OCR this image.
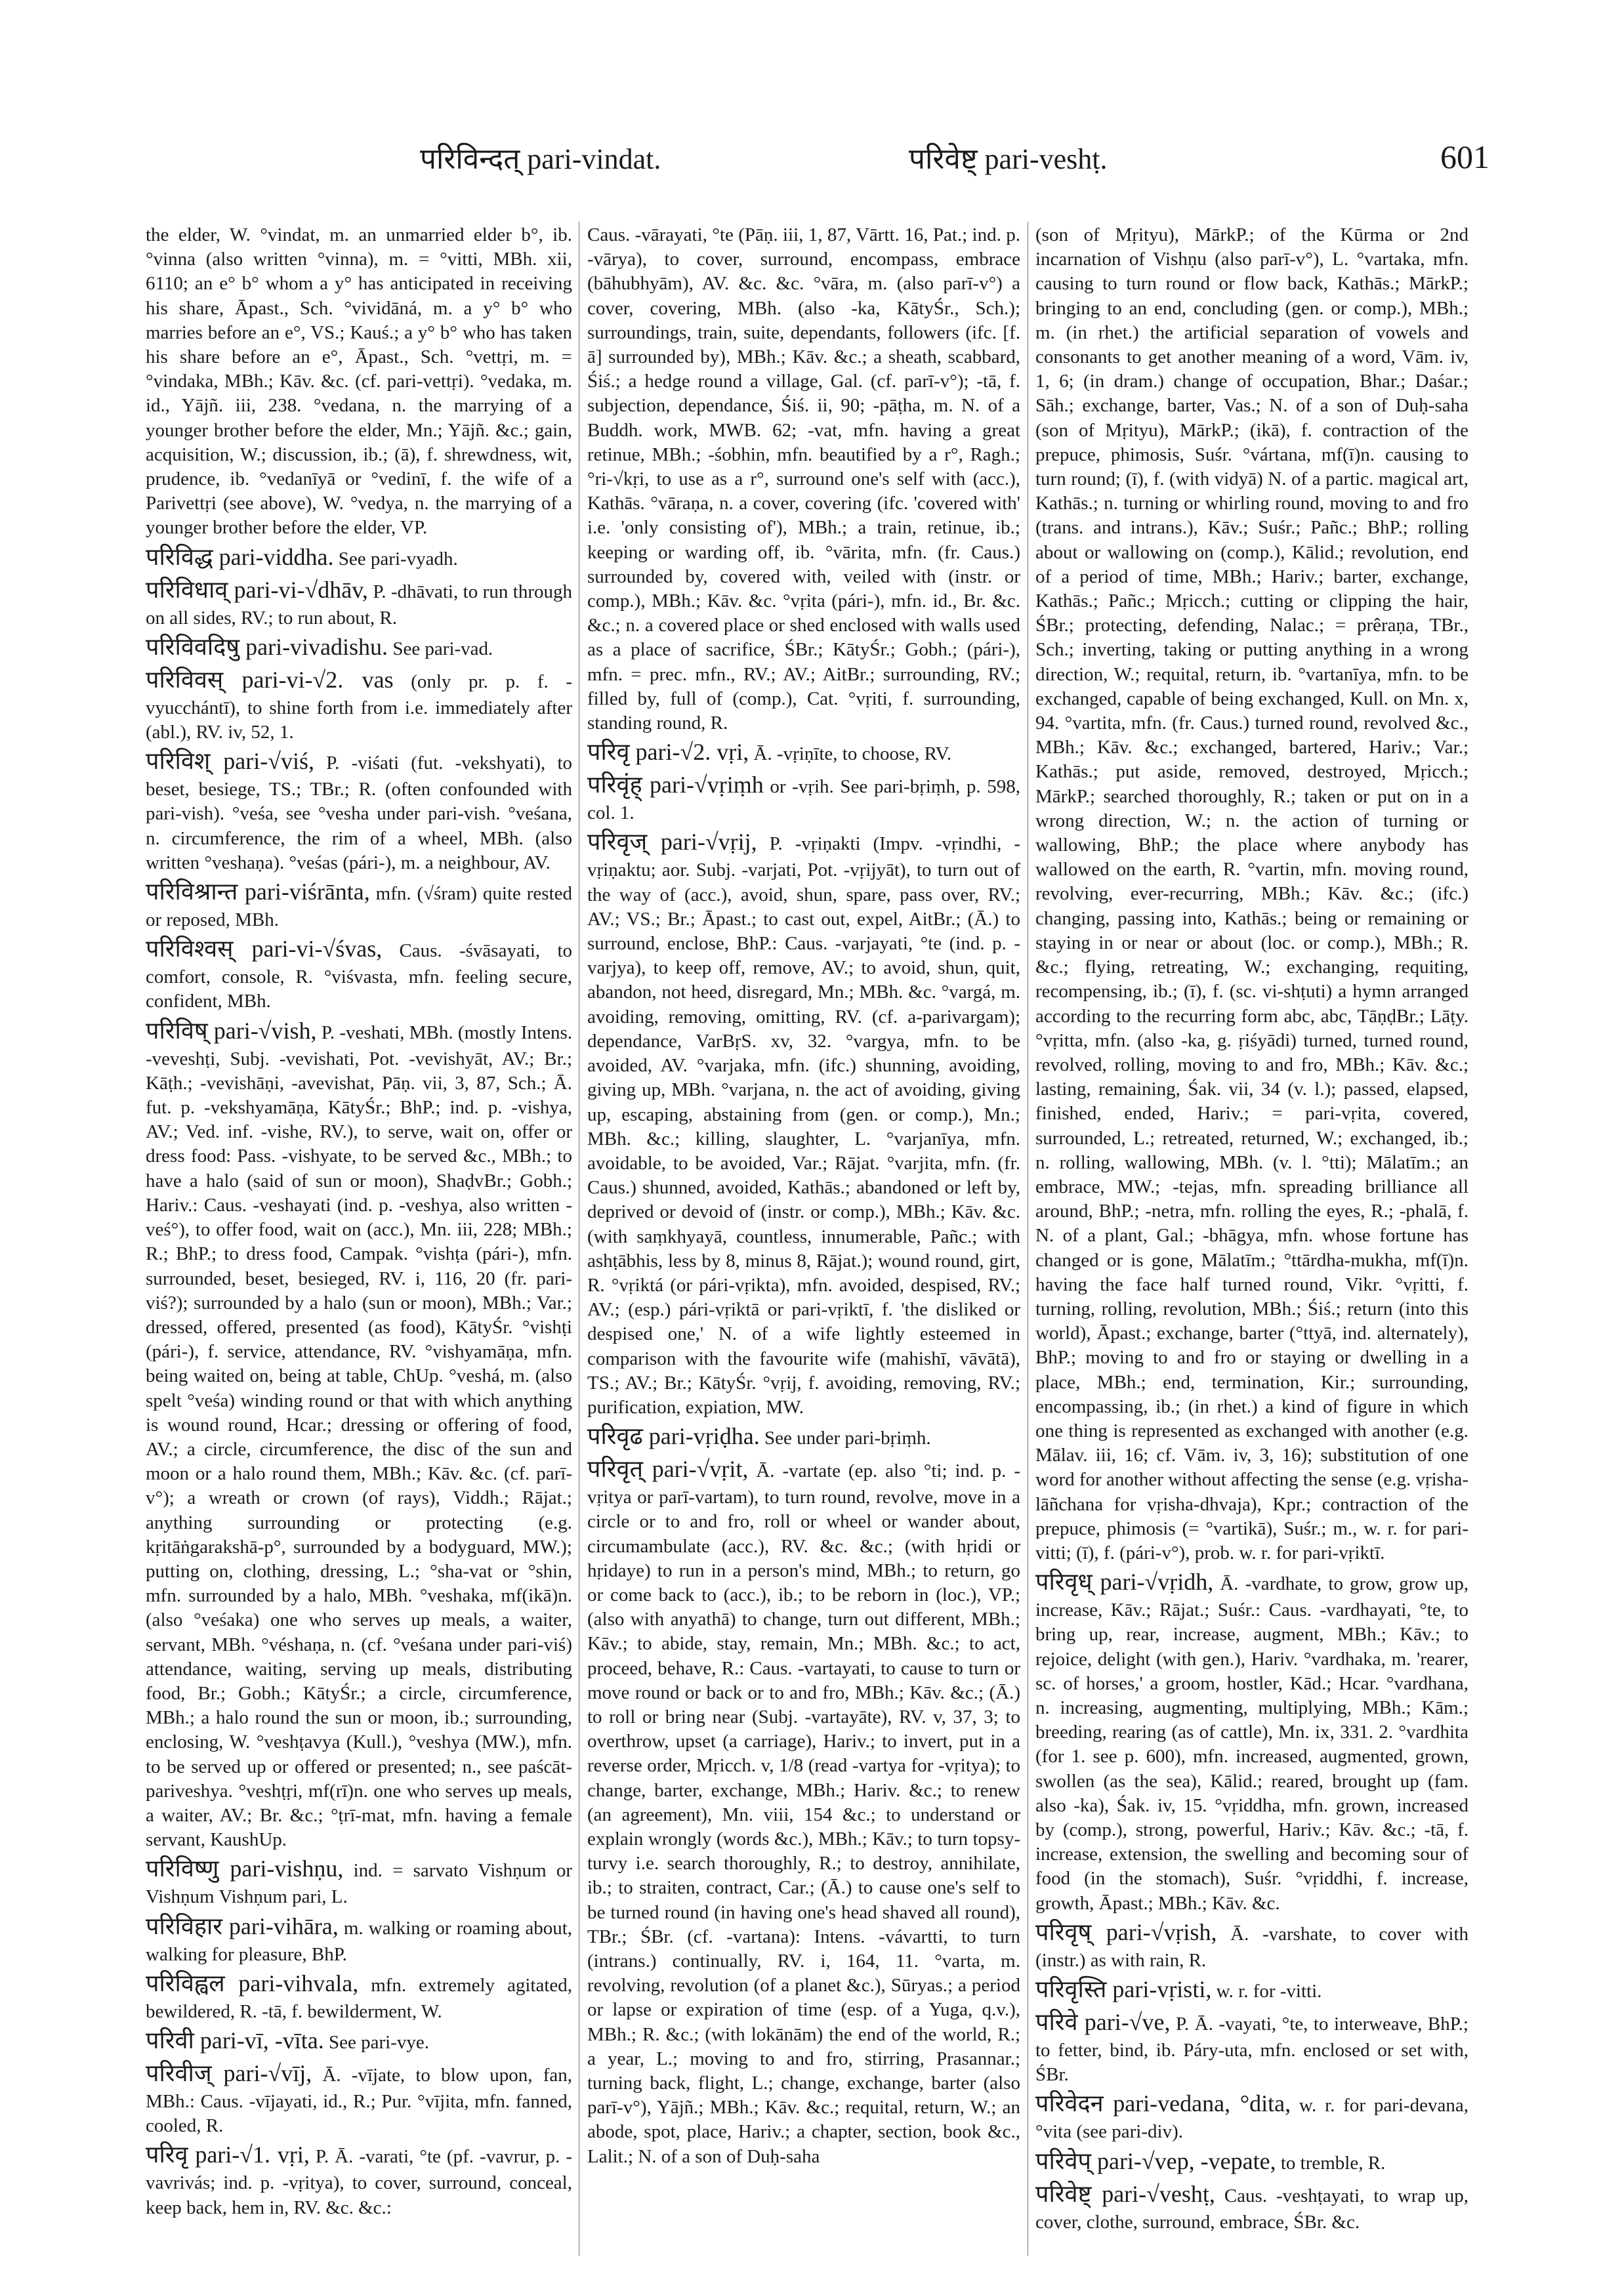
परिविन्दत् pari-vindat.	परिवेष्ट् pari-veshṭ.	601
the elder, W. °vindat, m. an unmarried elder b°, ib. °vinna (also written °vinna), m. = °vitti, MBh. xii, 6110; an e° b° whom a y° has anticipated in receiving his share, Āpast., Sch. °vividāná, m. a y° b° who marries before an e°, VS.; Kauś.; a y° b° who has taken his share before an e°, Āpast., Sch. °vettṛi, m. = °vindaka, MBh.; Kāv. &c. (cf. pari-vettṛi). °vedaka, m. id., Yājñ. iii, 238. °vedana, n. the marrying of a younger brother before the elder, Mn.; Yājñ. &c.; gain, acquisition, W.; discussion, ib.; (ā), f. shrewdness, wit, prudence, ib. °vedanīyā or °vedinī, f. the wife of a Parivettṛi (see above), W. °vedya, n. the marrying of a younger brother before the elder, VP.
परिविद्ध pari-viddha. See pari-vyadh.
परिविधाव् pari-vi-√dhāv, P. -dhāvati, to run through on all sides, RV.; to run about, R.
परिविवदिषु pari-vivadishu. See pari-vad.
परिविवस् pari-vi-√2. vas (only pr. p. f. -vyucchántī), to shine forth from i.e. immediately after (abl.), RV. iv, 52, 1.
परिविश् pari-√viś, P. -viśati (fut. -vekshyati), to beset, besiege, TS.; TBr.; R. (often confounded with pari-vish). °veśa, see °vesha under pari-vish. °veśana, n. circumference, the rim of a wheel, MBh. (also written °veshaṇa). °veśas (pári-), m. a neighbour, AV.
परिविश्रान्त pari-viśrānta, mfn. (√śram) quite rested or reposed, MBh.
परिविश्वस् pari-vi-√śvas, Caus. -śvāsayati, to comfort, console, R. °viśvasta, mfn. feeling secure, confident, MBh.
परिविष् pari-√vish, P. -veshati, MBh. (mostly Intens. -veveshṭi, Subj. -vevishati, Pot. -vevishyāt, AV.; Br.; Kāṭh.; -vevishāṇi, -avevishat, Pāṇ. vii, 3, 87, Sch.; Ā. fut. p. -vekshyamāṇa, KātyŚr.; BhP.; ind. p. -vishya, AV.; Ved. inf. -vishe, RV.), to serve, wait on, offer or dress food: Pass. -vishyate, to be served &c., MBh.; to have a halo (said of sun or moon), ShaḍvBr.; Gobh.; Hariv.: Caus. -veshayati (ind. p. -veshya, also written -veś°), to offer food, wait on (acc.), Mn. iii, 228; MBh.; R.; BhP.; to dress food, Campak. °vishṭa (pári-), mfn. surrounded, beset, besieged, RV. i, 116, 20 (fr. pari-viś?); surrounded by a halo (sun or moon), MBh.; Var.; dressed, offered, presented (as food), KātyŚr. °vishṭi (pári-), f. service, attendance, RV. °vishyamāṇa, mfn. being waited on, being at table, ChUp. °veshá, m. (also spelt °veśa) winding round or that with which anything is wound round, Hcar.; dressing or offering of food, AV.; a circle, circumference, the disc of the sun and moon or a halo round them, MBh.; Kāv. &c. (cf. parī-v°); a wreath or crown (of rays), Viddh.; Rājat.; anything surrounding or protecting (e.g. kṛitāṅgarakshā-p°, surrounded by a bodyguard, MW.); putting on, clothing, dressing, L.; °sha-vat or °shin, mfn. surrounded by a halo, MBh. °veshaka, mf(ikā)n. (also °veśaka) one who serves up meals, a waiter, servant, MBh. °véshaṇa, n. (cf. °veśana under pari-viś) attendance, waiting, serving up meals, distributing food, Br.; Gobh.; KātyŚr.; a circle, circumference, MBh.; a halo round the sun or moon, ib.; surrounding, enclosing, W. °veshṭavya (Kull.), °veshya (MW.), mfn. to be served up or offered or presented; n., see paścāt-pariveshya. °veshṭṛi, mf(rī)n. one who serves up meals, a waiter, AV.; Br. &c.; °ṭrī-mat, mfn. having a female servant, KaushUp.
परिविष्णु pari-vishṇu, ind. = sarvato Vishṇum or Vishṇum Vishṇum pari, L.
परिविहार pari-vihāra, m. walking or roaming about, walking for pleasure, BhP.
परिविह्वल pari-vihvala, mfn. extremely agitated, bewildered, R. -tā, f. bewilderment, W.
परिवी pari-vī, -vīta. See pari-vye.
परिवीज् pari-√vīj, Ā. -vījate, to blow upon, fan, MBh.: Caus. -vījayati, id., R.; Pur. °vījita, mfn. fanned, cooled, R.
परिवृ pari-√1. vṛi, P. Ā. -varati, °te (pf. -vavrur, p. -vavrivás; ind. p. -vṛitya), to cover, surround, conceal, keep back, hem in, RV. &c. &c.:
Caus. -vārayati, °te (Pāṇ. iii, 1, 87, Vārtt. 16, Pat.; ind. p. -vārya), to cover, surround, encompass, embrace (bāhubhyām), AV. &c. &c. °vāra, m. (also parī-v°) a cover, covering, MBh. (also -ka, KātyŚr., Sch.); surroundings, train, suite, dependants, followers (ifc. [f. ā] surrounded by), MBh.; Kāv. &c.; a sheath, scabbard, Śiś.; a hedge round a village, Gal. (cf. parī-v°); -tā, f. subjection, dependance, Śiś. ii, 90; -pāṭha, m. N. of a Buddh. work, MWB. 62; -vat, mfn. having a great retinue, MBh.; -śobhin, mfn. beautified by a r°, Ragh.; °ri-√kṛi, to use as a r°, surround one's self with (acc.), Kathās. °vāraṇa, n. a cover, covering (ifc. 'covered with' i.e. 'only consisting of'), MBh.; a train, retinue, ib.; keeping or warding off, ib. °vārita, mfn. (fr. Caus.) surrounded by, covered with, veiled with (instr. or comp.), MBh.; Kāv. &c. °vṛita (pári-), mfn. id., Br. &c. &c.; n. a covered place or shed enclosed with walls used as a place of sacrifice, ŚBr.; KātyŚr.; Gobh.; (pári-), mfn. = prec. mfn., RV.; AV.; AitBr.; surrounding, RV.; filled by, full of (comp.), Cat. °vṛiti, f. surrounding, standing round, R.
परिवृ pari-√2. vṛi, Ā. -vṛiṇīte, to choose, RV.
परिवृंह् pari-√vṛiṃh or -vṛih. See pari-bṛiṃh, p. 598, col. 1.
परिवृज् pari-√vṛij, P. -vṛiṇakti (Impv. -vṛindhi, -vṛiṇaktu; aor. Subj. -varjati, Pot. -vṛijyāt), to turn out of the way of (acc.), avoid, shun, spare, pass over, RV.; AV.; VS.; Br.; Āpast.; to cast out, expel, AitBr.; (Ā.) to surround, enclose, BhP.: Caus. -varjayati, °te (ind. p. -varjya), to keep off, remove, AV.; to avoid, shun, quit, abandon, not heed, disregard, Mn.; MBh. &c. °vargá, m. avoiding, removing, omitting, RV. (cf. a-parivargam); dependance, VarBṛS. xv, 32. °vargya, mfn. to be avoided, AV. °varjaka, mfn. (ifc.) shunning, avoiding, giving up, MBh. °varjana, n. the act of avoiding, giving up, escaping, abstaining from (gen. or comp.), Mn.; MBh. &c.; killing, slaughter, L. °varjanīya, mfn. avoidable, to be avoided, Var.; Rājat. °varjita, mfn. (fr. Caus.) shunned, avoided, Kathās.; abandoned or left by, deprived or devoid of (instr. or comp.), MBh.; Kāv. &c. (with saṃkhyayā, countless, innumerable, Pañc.; with ashṭābhis, less by 8, minus 8, Rājat.); wound round, girt, R. °vṛiktá (or pári-vṛikta), mfn. avoided, despised, RV.; AV.; (esp.) pári-vṛiktā or pari-vṛiktī, f. 'the disliked or despised one,' N. of a wife lightly esteemed in comparison with the favourite wife (mahishī, vāvātā), TS.; AV.; Br.; KātyŚr. °vṛij, f. avoiding, removing, RV.; purification, expiation, MW.
परिवृढ pari-vṛiḍha. See under pari-bṛiṃh.
परिवृत् pari-√vṛit, Ā. -vartate (ep. also °ti; ind. p. -vṛitya or parī-vartam), to turn round, revolve, move in a circle or to and fro, roll or wheel or wander about, circumambulate (acc.), RV. &c. &c.; (with hṛidi or hṛidaye) to run in a person's mind, MBh.; to return, go or come back to (acc.), ib.; to be reborn in (loc.), VP.; (also with anyathā) to change, turn out different, MBh.; Kāv.; to abide, stay, remain, Mn.; MBh. &c.; to act, proceed, behave, R.: Caus. -vartayati, to cause to turn or move round or back or to and fro, MBh.; Kāv. &c.; (Ā.) to roll or bring near (Subj. -vartayāte), RV. v, 37, 3; to overthrow, upset (a carriage), Hariv.; to invert, put in a reverse order, Mṛicch. v, 1/8 (read -vartya for -vṛitya); to change, barter, exchange, MBh.; Hariv. &c.; to renew (an agreement), Mn. viii, 154 &c.; to understand or explain wrongly (words &c.), MBh.; Kāv.; to turn topsy-turvy i.e. search thoroughly, R.; to destroy, annihilate, ib.; to straiten, contract, Car.; (Ā.) to cause one's self to be turned round (in having one's head shaved all round), TBr.; ŚBr. (cf. -vartana): Intens. -vávartti, to turn (intrans.) continually, RV. i, 164, 11. °varta, m. revolving, revolution (of a planet &c.), Sūryas.; a period or lapse or expiration of time (esp. of a Yuga, q.v.), MBh.; R. &c.; (with lokānām) the end of the world, R.; a year, L.; moving to and fro, stirring, Prasannar.; turning back, flight, L.; change, exchange, barter (also parī-v°), Yājñ.; MBh.; Kāv. &c.; requital, return, W.; an abode, spot, place, Hariv.; a chapter, section, book &c., Lalit.; N. of a son of Duḥ-saha
(son of Mṛityu), MārkP.; of the Kūrma or 2nd incarnation of Vishṇu (also parī-v°), L. °vartaka, mfn. causing to turn round or flow back, Kathās.; MārkP.; bringing to an end, concluding (gen. or comp.), MBh.; m. (in rhet.) the artificial separation of vowels and consonants to get another meaning of a word, Vām. iv, 1, 6; (in dram.) change of occupation, Bhar.; Daśar.; Sāh.; exchange, barter, Vas.; N. of a son of Duḥ-saha (son of Mṛityu), MārkP.; (ikā), f. contraction of the prepuce, phimosis, Suśr. °vártana, mf(ī)n. causing to turn round; (ī), f. (with vidyā) N. of a partic. magical art, Kathās.; n. turning or whirling round, moving to and fro (trans. and intrans.), Kāv.; Suśr.; Pañc.; BhP.; rolling about or wallowing on (comp.), Kālid.; revolution, end of a period of time, MBh.; Hariv.; barter, exchange, Kathās.; Pañc.; Mṛicch.; cutting or clipping the hair, ŚBr.; protecting, defending, Nalac.; = prêraṇa, TBr., Sch.; inverting, taking or putting anything in a wrong direction, W.; requital, return, ib. °vartanīya, mfn. to be exchanged, capable of being exchanged, Kull. on Mn. x, 94. °vartita, mfn. (fr. Caus.) turned round, revolved &c., MBh.; Kāv. &c.; exchanged, bartered, Hariv.; Var.; Kathās.; put aside, removed, destroyed, Mṛicch.; MārkP.; searched thoroughly, R.; taken or put on in a wrong direction, W.; n. the action of turning or wallowing, BhP.; the place where anybody has wallowed on the earth, R. °vartin, mfn. moving round, revolving, ever-recurring, MBh.; Kāv. &c.; (ifc.) changing, passing into, Kathās.; being or remaining or staying in or near or about (loc. or comp.), MBh.; R. &c.; flying, retreating, W.; exchanging, requiting, recompensing, ib.; (ī), f. (sc. vi-shṭuti) a hymn arranged according to the recurring form abc, abc, TāṇḍBr.; Lāṭy. °vṛitta, mfn. (also -ka, g. ṛiśyādi) turned, turned round, revolved, rolling, moving to and fro, MBh.; Kāv. &c.; lasting, remaining, Śak. vii, 34 (v. l.); passed, elapsed, finished, ended, Hariv.; = pari-vṛita, covered, surrounded, L.; retreated, returned, W.; exchanged, ib.; n. rolling, wallowing, MBh. (v. l. °tti); Mālatīm.; an embrace, MW.; -tejas, mfn. spreading brilliance all around, BhP.; -netra, mfn. rolling the eyes, R.; -phalā, f. N. of a plant, Gal.; -bhāgya, mfn. whose fortune has changed or is gone, Mālatīm.; °ttārdha-mukha, mf(ī)n. having the face half turned round, Vikr. °vṛitti, f. turning, rolling, revolution, MBh.; Śiś.; return (into this world), Āpast.; exchange, barter (°ttyā, ind. alternately), BhP.; moving to and fro or staying or dwelling in a place, MBh.; end, termination, Kir.; surrounding, encompassing, ib.; (in rhet.) a kind of figure in which one thing is represented as exchanged with another (e.g. Mālav. iii, 16; cf. Vām. iv, 3, 16); substitution of one word for another without affecting the sense (e.g. vṛisha-lāñchana for vṛisha-dhvaja), Kpr.; contraction of the prepuce, phimosis (= °vartikā), Suśr.; m., w. r. for pari-vitti; (ī), f. (pári-v°), prob. w. r. for pari-vṛiktī.
परिवृध् pari-√vṛidh, Ā. -vardhate, to grow, grow up, increase, Kāv.; Rājat.; Suśr.: Caus. -vardhayati, °te, to bring up, rear, increase, augment, MBh.; Kāv.; to rejoice, delight (with gen.), Hariv. °vardhaka, m. 'rearer, sc. of horses,' a groom, hostler, Kād.; Hcar. °vardhana, n. increasing, augmenting, multiplying, MBh.; Kām.; breeding, rearing (as of cattle), Mn. ix, 331. 2. °vardhita (for 1. see p. 600), mfn. increased, augmented, grown, swollen (as the sea), Kālid.; reared, brought up (fam. also -ka), Śak. iv, 15. °vṛiddha, mfn. grown, increased by (comp.), strong, powerful, Hariv.; Kāv. &c.; -tā, f. increase, extension, the swelling and becoming sour of food (in the stomach), Suśr. °vṛiddhi, f. increase, growth, Āpast.; MBh.; Kāv. &c.
परिवृष् pari-√vṛish, Ā. -varshate, to cover with (instr.) as with rain, R.
परिवृस्ति pari-vṛisti, w. r. for -vitti.
परिवे pari-√ve, P. Ā. -vayati, °te, to interweave, BhP.; to fetter, bind, ib. Páry-uta, mfn. enclosed or set with, ŚBr.
परिवेदन pari-vedana, °dita, w. r. for pari-devana, °vita (see pari-div).
परिवेप् pari-√vep, -vepate, to tremble, R.
परिवेष्ट् pari-√veshṭ, Caus. -veshṭayati, to wrap up, cover, clothe, surround, embrace, ŚBr. &c.
